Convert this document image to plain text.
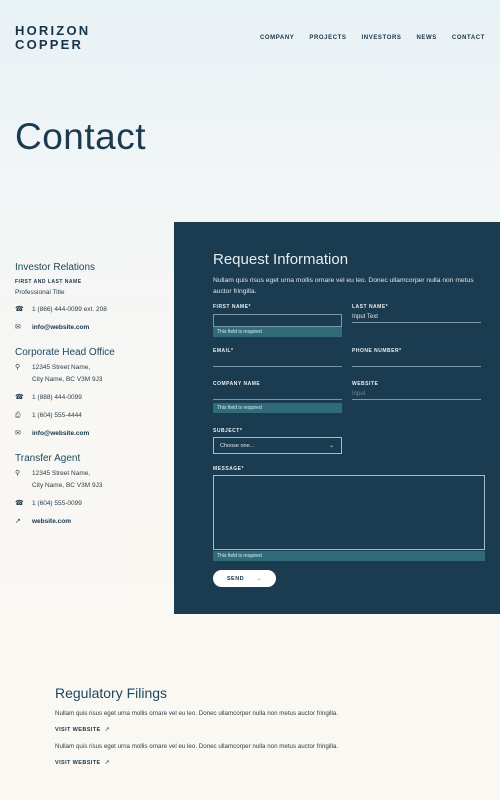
HORIZON
COPPER	COMPANY	PROJECTS	INVESTORS	NEWS	CONTACT
Contact
Investor Relations
FIRST AND LAST NAME
Professional Title
☎	1 (866) 444-0099 ext. 208
✉	info@website.com
Corporate Head Office
⚲	12345 Street Name,
City Name, BC V3M 9J3
☎	1 (888) 444-0099
⎙	1 (604) 555-4444
✉	info@website.com
Transfer Agent
⚲	12345 Street Name,
City Name, BC V3M 9J3
☎	1 (604) 555-0099
↗	website.com
Request Information
Nullam quis risus eget urna mollis ornare vel eu leo. Donec ullamcorper nulla non metus auctor fringilla.
FIRST NAME*
This field is required
LAST NAME*
Input Text
EMAIL*	PHONE NUMBER*
COMPANY NAME
This field is required
WEBSITE
Input
SUBJECT*
Choose one...	⌄
MESSAGE*
This field is required
SEND →
Regulatory Filings
Nullam quis risus eget urna mollis ornare vel eu leo. Donec ullamcorper nulla non metus auctor fringilla.
VISIT WEBSITE ↗
Nullam quis risus eget urna mollis ornare vel eu leo. Donec ullamcorper nulla non metus auctor fringilla.
VISIT WEBSITE ↗
